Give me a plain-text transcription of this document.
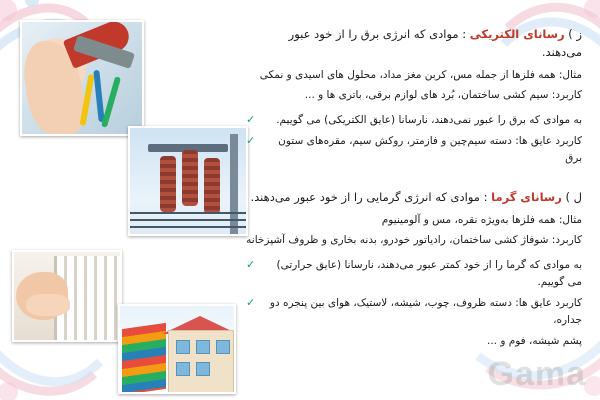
ز ) رسانای الکتریکی : موادی که انرژی برق را از خود عبور می‌دهند.
مثال: همه فلزها از جمله مس، کربن مغز مداد، محلول های اسیدی و نمکی
کاربرد: سیم کشی ساختمان، بُرد های لوازم برقی، باتری ها و ...
✓	به موادی که برق را عبور نمی‌دهند، نارسانا (عایق الکتریکی) می گوییم.
✓	کاربرد عایق ها: دسته سیم‌چین و فازمتر، روکش سیم، مقره‌های ستون برق
ل ) رسانای گرما : موادی که انرژی گرمایی را از خود عبور می‌دهند.
مثال: همه فلزها به‌ویژه نقره، مس و آلومینیوم
کاربرد: شوفاژ کشی ساختمان، رادیاتور خودرو، بدنه بخاری و ظروف آشپزخانه
✓	به موادی که گرما را از خود کمتر عبور می‌دهند، نارسانا (عایق حرارتی) می گوییم.
✓	کاربرد عایق ها: دسته ظروف، چوب، شیشه، لاستیک، هوای بین پنجره دو جداره،
پشم شیشه، فوم و ...
Gama
